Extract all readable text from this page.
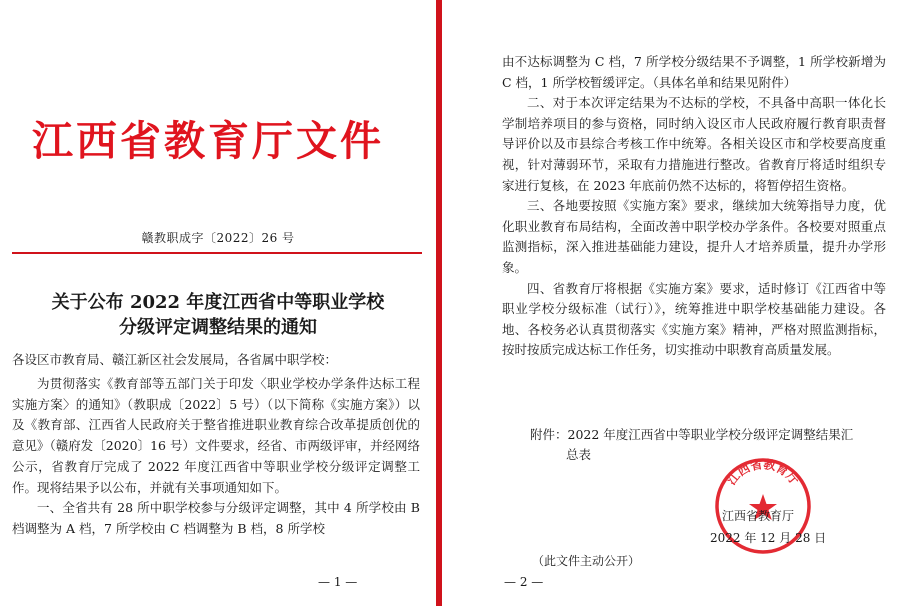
江西省教育厅文件
赣教职成字〔2022〕26 号
关于公布 2022 年度江西省中等职业学校
分级评定调整结果的通知
各设区市教育局、赣江新区社会发展局，各省属中职学校：

为贯彻落实《教育部等五部门关于印发〈职业学校办学条件达标工程实施方案〉的通知》（教职成〔2022〕5 号）（以下简称《实施方案》）以及《教育部、江西省人民政府关于整省推进职业教育综合改革提质创优的意见》（赣府发〔2020〕16 号）文件要求，经省、市两级评审，并经网络公示，省教育厅完成了 2022 年度江西省中等职业学校分级评定调整工作。现将结果予以公布，并就有关事项通知如下。

一、全省共有 28 所中职学校参与分级评定调整，其中 4 所学校由 B 档调整为 A 档，7 所学校由 C 档调整为 B 档，8 所学校

— 1 —

由不达标调整为 C 档，7 所学校分级结果不予调整，1 所学校新增为 C 档，1 所学校暂缓评定。（具体名单和结果见附件）

二、对于本次评定结果为不达标的学校，不具备中高职一体化长学制培养项目的参与资格，同时纳入设区市人民政府履行教育职责督导评价以及市县综合考核工作中统筹。各相关设区市和学校要高度重视，针对薄弱环节，采取有力措施进行整改。省教育厅将适时组织专家进行复核，在 2023 年底前仍然不达标的，将暂停招生资格。

三、各地要按照《实施方案》要求，继续加大统筹指导力度，优化职业教育布局结构，全面改善中职学校办学条件。各校要对照重点监测指标，深入推进基础能力建设，提升人才培养质量，提升办学形象。

四、省教育厅将根据《实施方案》要求，适时修订《江西省中等职业学校分级标准（试行）》，统筹推进中职学校基础能力建设。各地、各校务必认真贯彻落实《实施方案》精神，严格对照监测指标，按时按质完成达标工作任务，切实推动中职教育高质量发展。

附件：2022 年度江西省中等职业学校分级评定调整结果汇
总表
江西省教育厅
江西省教育厅
2022 年 12 月 28 日
（此文件主动公开）
— 2 —
